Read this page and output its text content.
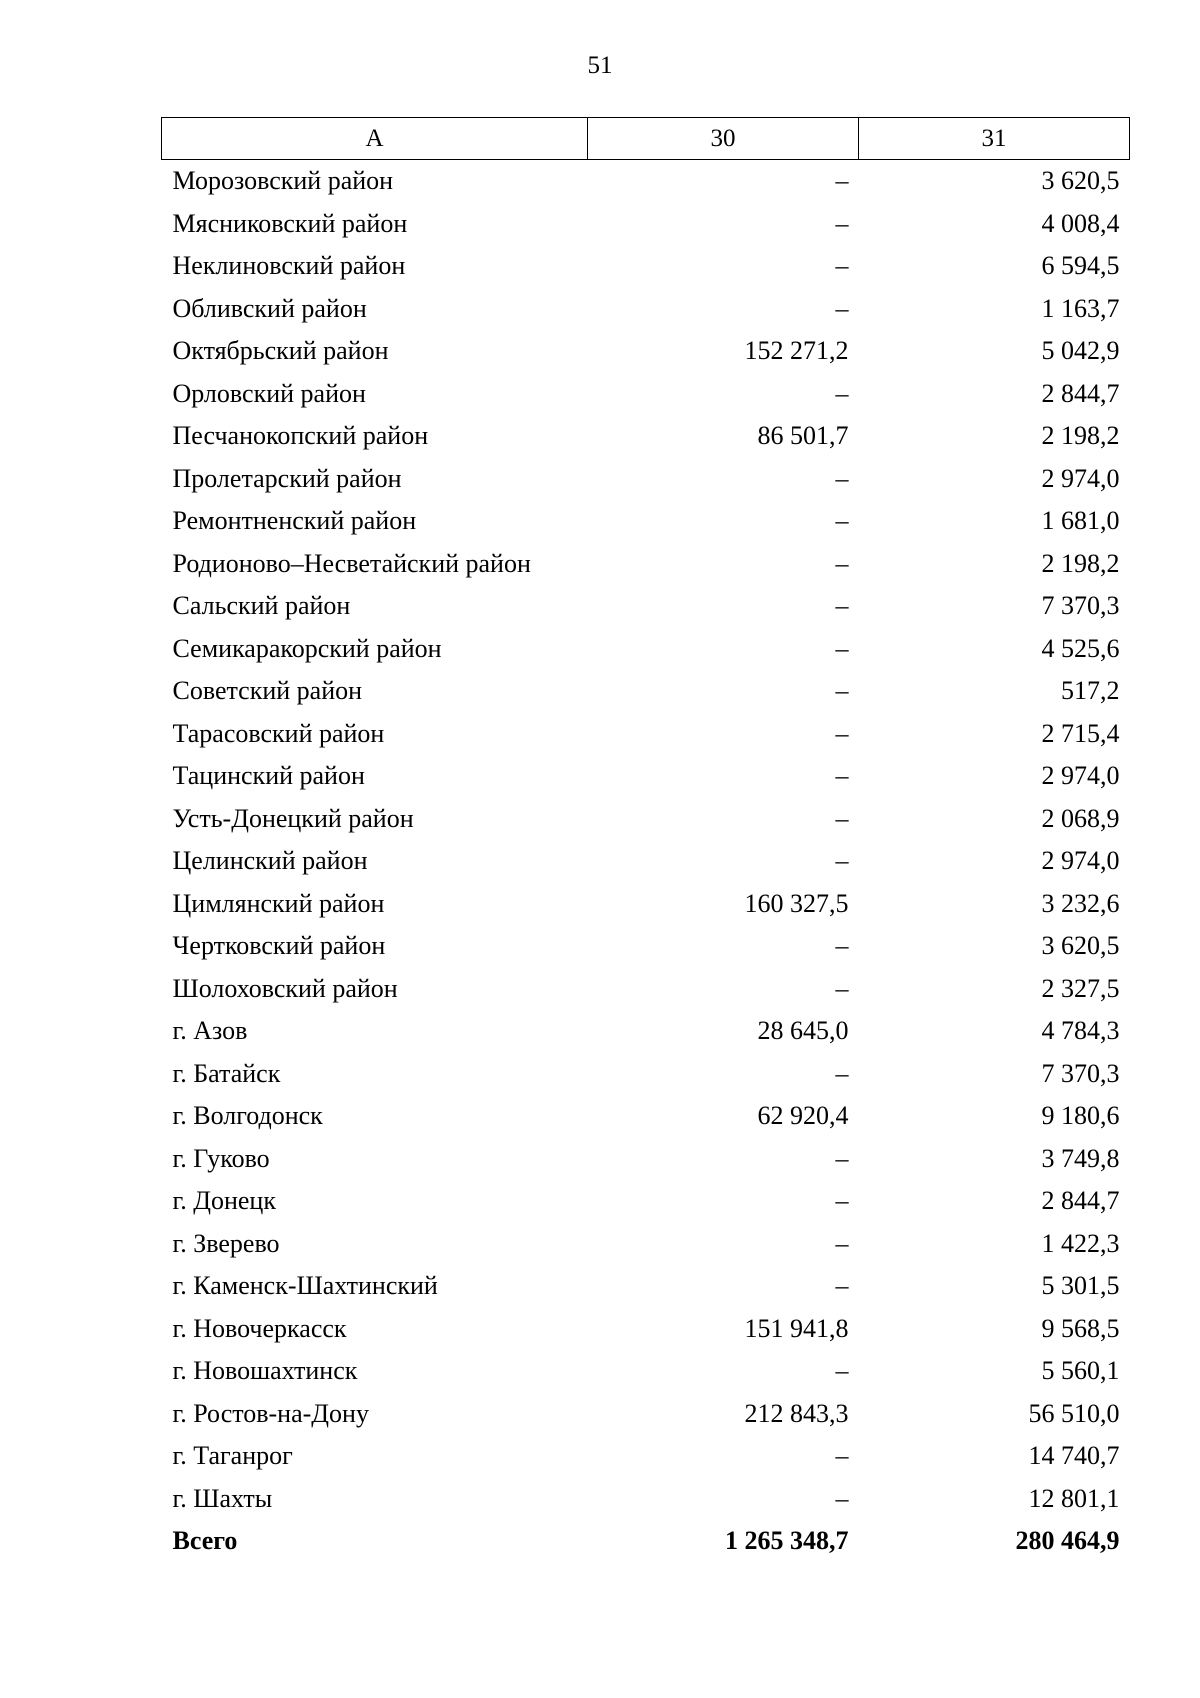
51
А	30	31
Морозовский район	–	3 620,5
Мясниковский район	–	4 008,4
Неклиновский район	–	6 594,5
Обливский район	–	1 163,7
Октябрьский район	152 271,2	5 042,9
Орловский район	–	2 844,7
Песчанокопский район	86 501,7	2 198,2
Пролетарский район	–	2 974,0
Ремонтненский район	–	1 681,0
Родионово–Несветайский район	–	2 198,2
Сальский район	–	7 370,3
Семикаракорский район	–	4 525,6
Советский район	–	517,2
Тарасовский район	–	2 715,4
Тацинский район	–	2 974,0
Усть-Донецкий район	–	2 068,9
Целинский район	–	2 974,0
Цимлянский район	160 327,5	3 232,6
Чертковский район	–	3 620,5
Шолоховский район	–	2 327,5
г. Азов	28 645,0	4 784,3
г. Батайск	–	7 370,3
г. Волгодонск	62 920,4	9 180,6
г. Гуково	–	3 749,8
г. Донецк	–	2 844,7
г. Зверево	–	1 422,3
г. Каменск-Шахтинский	–	5 301,5
г. Новочеркасск	151 941,8	9 568,5
г. Новошахтинск	–	5 560,1
г. Ростов-на-Дону	212 843,3	56 510,0
г. Таганрог	–	14 740,7
г. Шахты	–	12 801,1
Всего	1 265 348,7	280 464,9
